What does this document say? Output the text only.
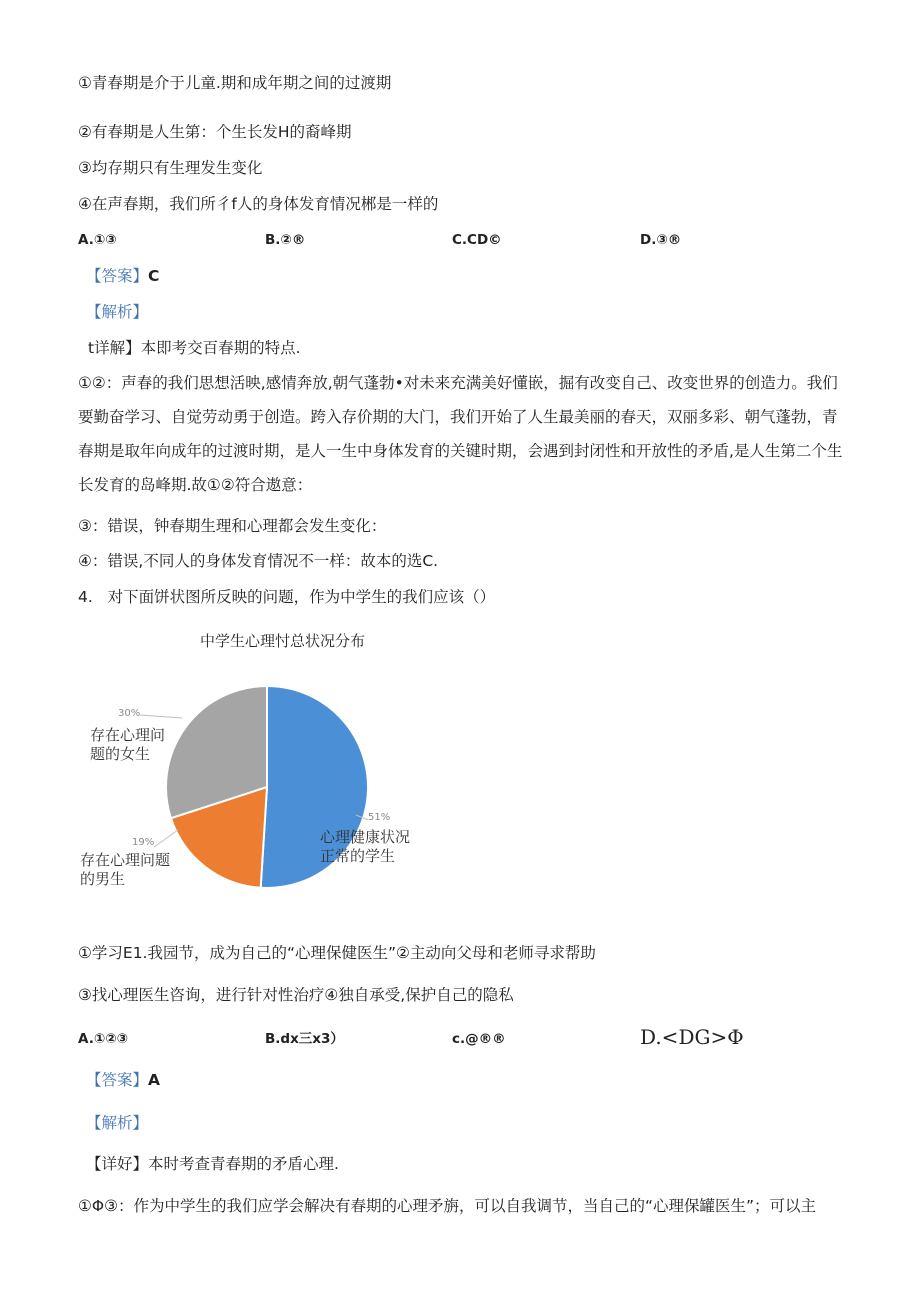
①青春期是介于儿童.期和成年期之间的过渡期
②有春期是人生第：个生长发H的裔峰期
③均存期只有生理发生变化
④在声春期，我们所彳f人的身体发育情况郴是一样的
A.①③	B.②®	C.CD©	D.③®
【答案】C
【解析】
t详解】本即考交百春期的特点.
①②：声春的我们思想活映,感情奔放,朝气蓬勃•对未来充满美好懂嵌，掘有改变自己、改变世界的创造力。我们要勤奋学习、自觉劳动勇于创造。跨入存价期的大门，我们开始了人生最美丽的春天，双丽多彩、朝气蓬勃，青春期是取年向成年的过渡时期，是人一生中身体发育的关键时期，会遇到封闭性和开放性的矛盾,是人生第二个生长发育的岛峰期.故①②符合遨意：
③：错误，钟春期生理和心理都会发生变化：
④：错误,不同人的身体发育情况不一样：故本的选C.
4.   对下面饼状图所反映的问题，作为中学生的我们应该（）
中学生心理忖总状况分布
51%
心理健康状况
正常的学生
19%
存在心理问题
的男生
30%
存在心理问
题的女生
①学习E1.我园节，成为自己的“心理保健医生”②主动向父母和老师寻求帮助
③找心理医生咨询，进行针对性治疗④独自承受,保护自己的隐私
A.①②③	B.dx三x3）	c.@®®	D.<DG>Φ
【答案】A
【解析】
【详好】本时考查青春期的矛盾心理.
①Φ③：作为中学生的我们应学会解决有春期的心理矛旃，可以自我调节，当自己的“心理保罐医生”；可以主
